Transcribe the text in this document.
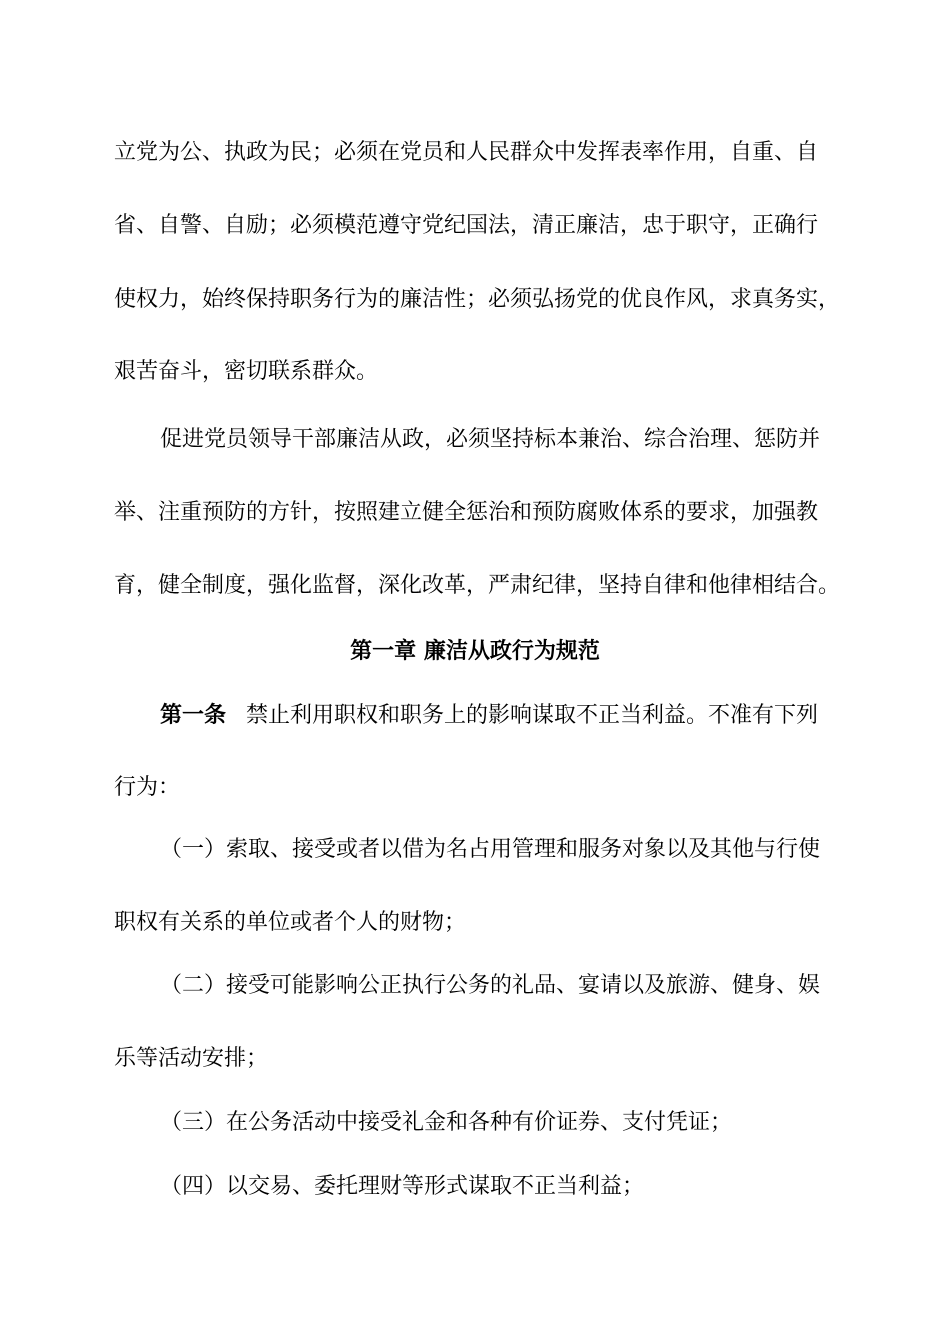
立党为公、执政为民；必须在党员和人民群众中发挥表率作用，自重、自
省、自警、自励；必须模范遵守党纪国法，清正廉洁，忠于职守，正确行
使权力，始终保持职务行为的廉洁性；必须弘扬党的优良作风，求真务实，
艰苦奋斗，密切联系群众。
促进党员领导干部廉洁从政，必须坚持标本兼治、综合治理、惩防并
举、注重预防的方针，按照建立健全惩治和预防腐败体系的要求，加强教
育，健全制度，强化监督，深化改革，严肃纪律，坚持自律和他律相结合。
第一章 廉洁从政行为规范
第一条 禁止利用职权和职务上的影响谋取不正当利益。不准有下列
行为：
（一）索取、接受或者以借为名占用管理和服务对象以及其他与行使
职权有关系的单位或者个人的财物；
（二）接受可能影响公正执行公务的礼品、宴请以及旅游、健身、娱
乐等活动安排；
（三）在公务活动中接受礼金和各种有价证券、支付凭证；
（四）以交易、委托理财等形式谋取不正当利益；
